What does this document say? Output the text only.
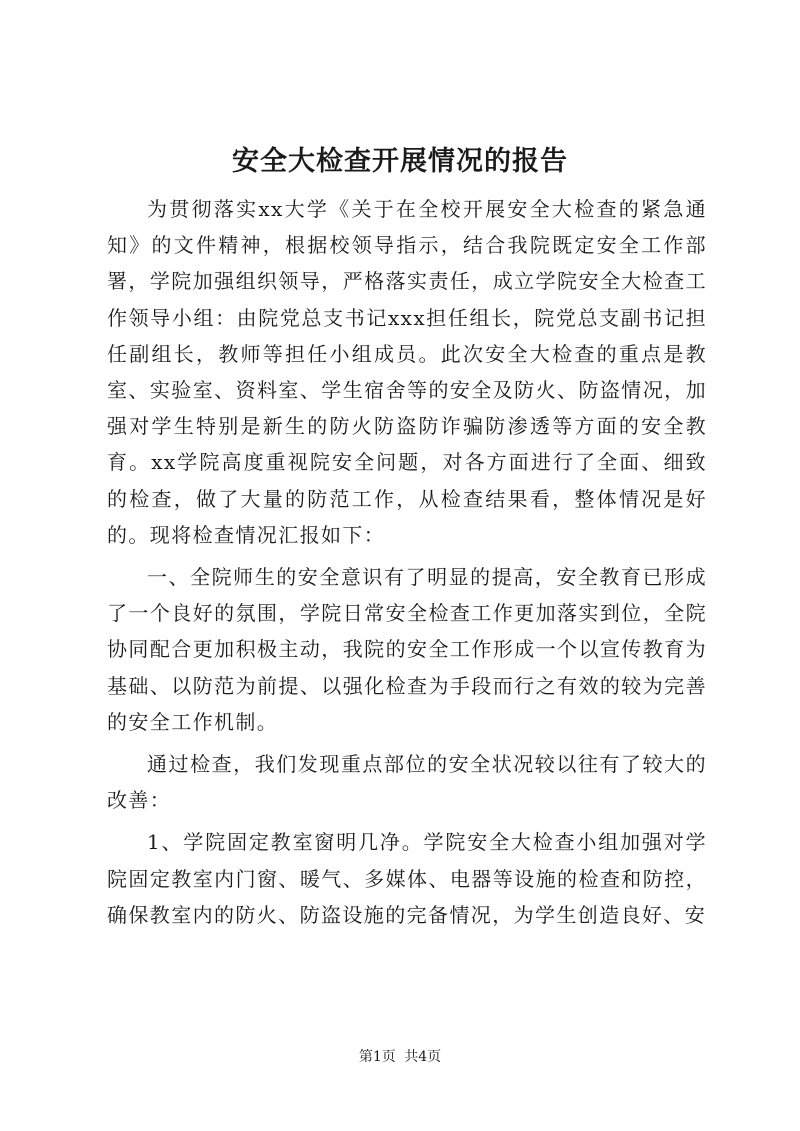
安全大检查开展情况的报告

为贯彻落实xx大学《关于在全校开展安全大检查的紧急通知》的文件精神，根据校领导指示，结合我院既定安全工作部署，学院加强组织领导，严格落实责任，成立学院安全大检查工作领导小组：由院党总支书记xxx担任组长，院党总支副书记担任副组长，教师等担任小组成员。此次安全大检查的重点是教室、实验室、资料室、学生宿舍等的安全及防火、防盗情况，加强对学生特别是新生的防火防盗防诈骗防渗透等方面的安全教育。xx学院高度重视院安全问题，对各方面进行了全面、细致的检查，做了大量的防范工作，从检查结果看，整体情况是好的。现将检查情况汇报如下：

一、全院师生的安全意识有了明显的提高，安全教育已形成了一个良好的氛围，学院日常安全检查工作更加落实到位，全院协同配合更加积极主动，我院的安全工作形成一个以宣传教育为基础、以防范为前提、以强化检查为手段而行之有效的较为完善的安全工作机制。

通过检查，我们发现重点部位的安全状况较以往有了较大的改善：

1、学院固定教室窗明几净。学院安全大检查小组加强对学院固定教室内门窗、暖气、多媒体、电器等设施的检查和防控，确保教室内的防火、防盗设施的完备情况，为学生创造良好、安

第1页 共4页
